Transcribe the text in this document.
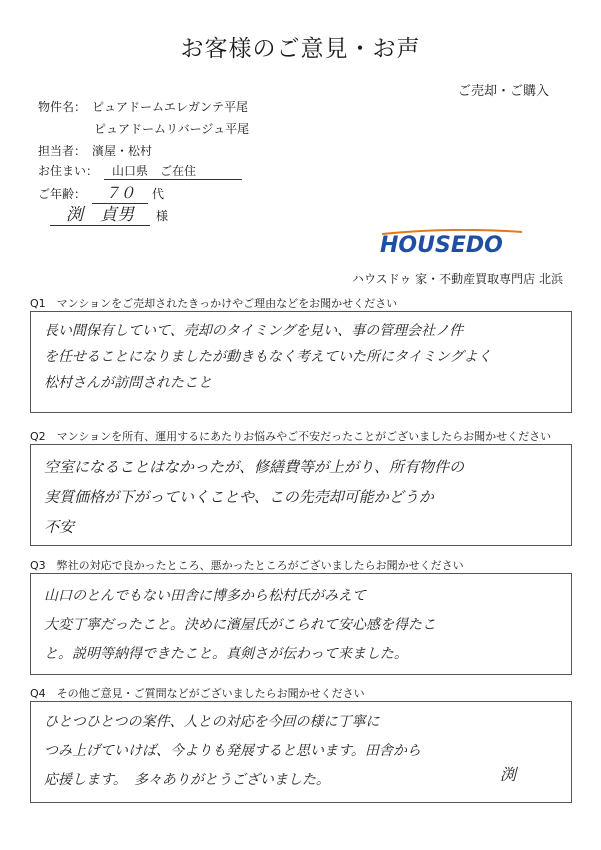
お客様のご意見・お声
ご売却・ご購入
物件名： ピュアドームエレガンテ平尾
ピュアドームリバージュ平尾
担当者： 濱屋・松村
お住まい： 山口県　ご在住
ご年齢： ７０ 代
渕　貞男 様
HOUSEDO
ハウスドゥ 家・不動産買取専門店 北浜
Q1　マンションをご売却されたきっかけやご理由などをお聞かせください
長い間保有していて、売却のタイミングを見い、事の管理会社ノ件
を任せることになりましたが動きもなく考えていた所にタイミングよく
松村さんが訪問されたこと
Q2　マンションを所有、運用するにあたりお悩みやご不安だったことがございましたらお聞かせください
空室になることはなかったが、修繕費等が上がり、所有物件の
実質価格が下がっていくことや、この先売却可能かどうか
不安
Q3　弊社の対応で良かったところ、悪かったところがございましたらお聞かせください
山口のとんでもない田舎に博多から松村氏がみえて
大変丁寧だったこと。決めに濱屋氏がこられて安心感を得たこ
と。説明等納得できたこと。真剣さが伝わって来ました。
Q4　その他ご意見・ご質問などがございましたらお聞かせください
ひとつひとつの案件、人との対応を今回の様に丁寧に
つみ上げていけば、今よりも発展すると思います。田舎から
応援します。　多々ありがとうございました。	渕
